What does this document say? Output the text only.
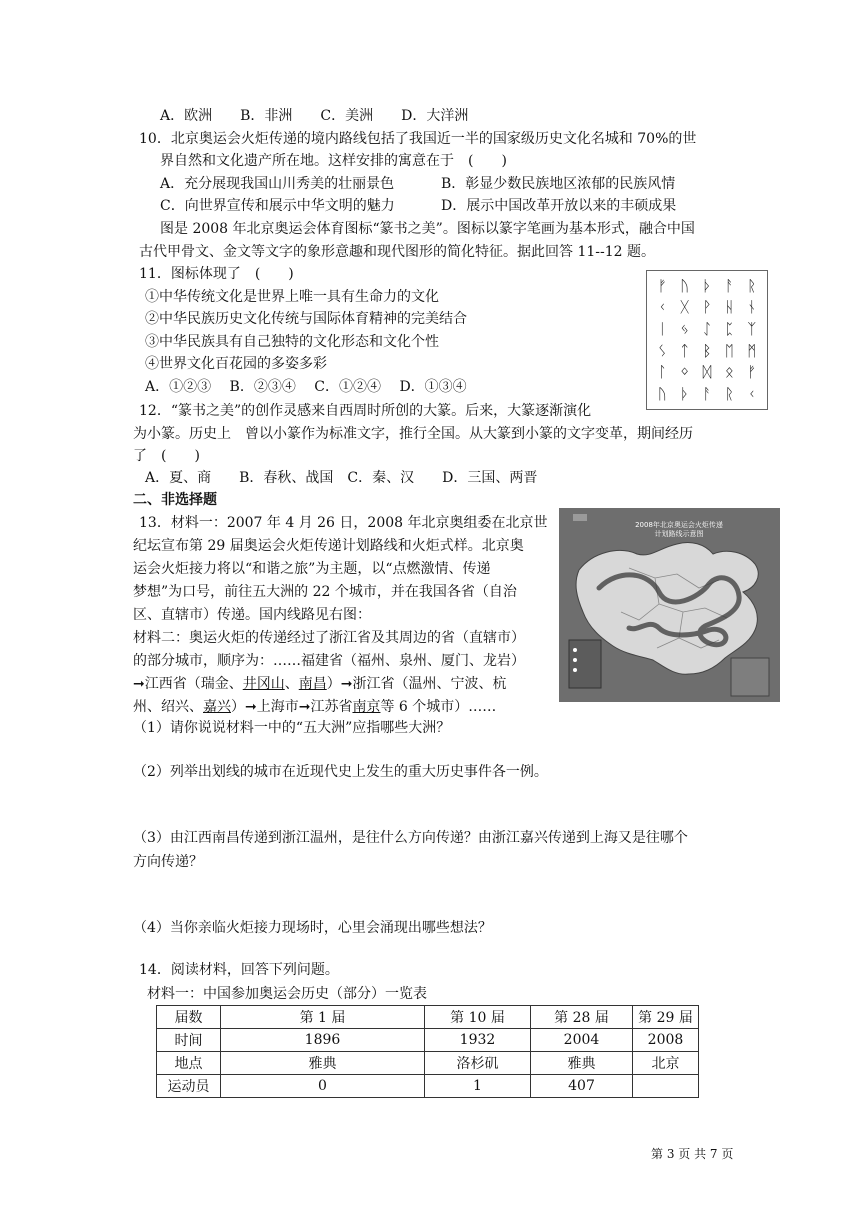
A．欧洲　　B．非洲　　C．美洲　　D．大洋洲
10．北京奥运会火炬传递的境内路线包括了我国近一半的国家级历史文化名城和 70%的世
界自然和文化遗产所在地。这样安排的寓意在于　(　　)
A．充分展现我国山川秀美的壮丽景色	B．彰显少数民族地区浓郁的民族风情
C．向世界宣传和展示中华文明的魅力	D．展示中国改革开放以来的丰硕成果
图是 2008 年北京奥运会体育图标“篆书之美”。图标以篆字笔画为基本形式，融合中国
古代甲骨文、金文等文字的象形意趣和现代图形的简化特征。据此回答 11--12 题。
11．图标体现了　(　　)
①中华传统文化是世界上唯一具有生命力的文化
②中华民族历史文化传统与国际体育精神的完美结合
③中华民族具有自己独特的文化形态和文化个性
④世界文化百花园的多姿多彩
A．①②③　 B．②③④　 C．①②④　 D．①③④
ᚠ ᚢ ᚦ ᚨ ᚱ
ᚲ ᚷ ᚹ ᚺ ᚾ
ᛁ ᛃ ᛇ ᛈ ᛉ
ᛊ ᛏ ᛒ ᛖ ᛗ
ᛚ ᛜ ᛞ ᛟ ᚠ
ᚢ ᚦ ᚨ ᚱ ᚲ
12．“篆书之美”的创作灵感来自西周时所创的大篆。后来，大篆逐渐演化
为小篆。历史上　曾以小篆作为标准文字，推行全国。从大篆到小篆的文字变革，期间经历
了　(　　)
A．夏、商　　B．春秋、战国　C．秦、汉　　D．三国、两晋
二、非选择题
13．材料一：2007 年 4 月 26 日，2008 年北京奥组委在北京世
纪坛宣布第 29 届奥运会火炬传递计划路线和火炬式样。北京奥
运会火炬接力将以“和谐之旅”为主题，以“点燃激情、传递
梦想”为口号，前往五大洲的 22 个城市，并在我国各省（自治
区、直辖市）传递。国内线路见右图：
材料二：奥运火炬的传递经过了浙江省及其周边的省（直辖市）
的部分城市，顺序为：……福建省（福州、泉州、厦门、龙岩）
➞江西省（瑞金、井冈山、南昌）➞浙江省（温州、宁波、杭
州、绍兴、嘉兴）➞上海市➞江苏省南京等 6 个城市）……
（1）请你说说材料一中的“五大洲”应指哪些大洲？
（2）列举出划线的城市在近现代史上发生的重大历史事件各一例。
（3）由江西南昌传递到浙江温州，是往什么方向传递？由浙江嘉兴传递到上海又是往哪个
方向传递？
（4）当你亲临火炬接力现场时，心里会涌现出哪些想法？
2008年北京奥运会火炬传递
计划路线示意图
14．阅读材料，回答下列问题。
材料一：中国参加奥运会历史（部分）一览表
届数	第 1 届	第 10 届	第 28 届	第 29 届
时间	1896	1932	2004	2008
地点	雅典	洛杉矶	雅典	北京
运动员	0	1	407	
第 3 页 共 7 页
